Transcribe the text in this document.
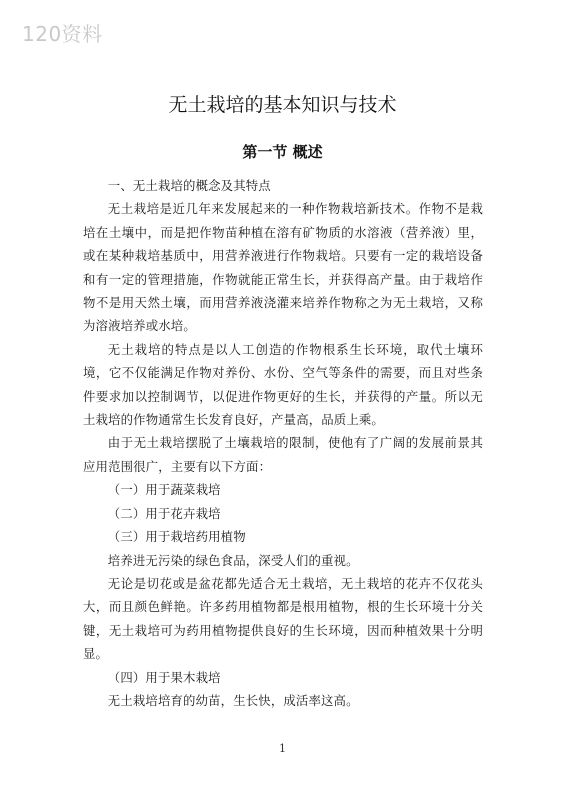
120资料
无土栽培的基本知识与技术
第一节 概述

一、无土栽培的概念及其特点

无土栽培是近几年来发展起来的一种作物栽培新技术。作物不是栽培在土壤中，而是把作物苗种植在溶有矿物质的水溶液（营养液）里，或在某种栽培基质中，用营养液进行作物栽培。只要有一定的栽培设备和有一定的管理措施，作物就能正常生长，并获得高产量。由于栽培作物不是用天然土壤，而用营养液浇灌来培养作物称之为无土栽培，又称为溶液培养或水培。

无土栽培的特点是以人工创造的作物根系生长环境，取代土壤环境，它不仅能满足作物对养份、水份、空气等条件的需要，而且对些条件要求加以控制调节，以促进作物更好的生长，并获得的产量。所以无土栽培的作物通常生长发育良好，产量高，品质上乘。

由于无土栽培摆脱了土壤栽培的限制，使他有了广阔的发展前景其应用范围很广，主要有以下方面：

（一）用于蔬菜栽培

（二）用于花卉栽培

（三）用于栽培药用植物

培养进无污染的绿色食品，深受人们的重视。

无论是切花或是盆花都先适合无土栽培，无土栽培的花卉不仅花头大，而且颜色鲜艳。许多药用植物都是根用植物，根的生长环境十分关键，无土栽培可为药用植物提供良好的生长环境，因而种植效果十分明显。

（四）用于果木栽培

无土栽培培育的幼苗，生长快，成活率这高。

1
